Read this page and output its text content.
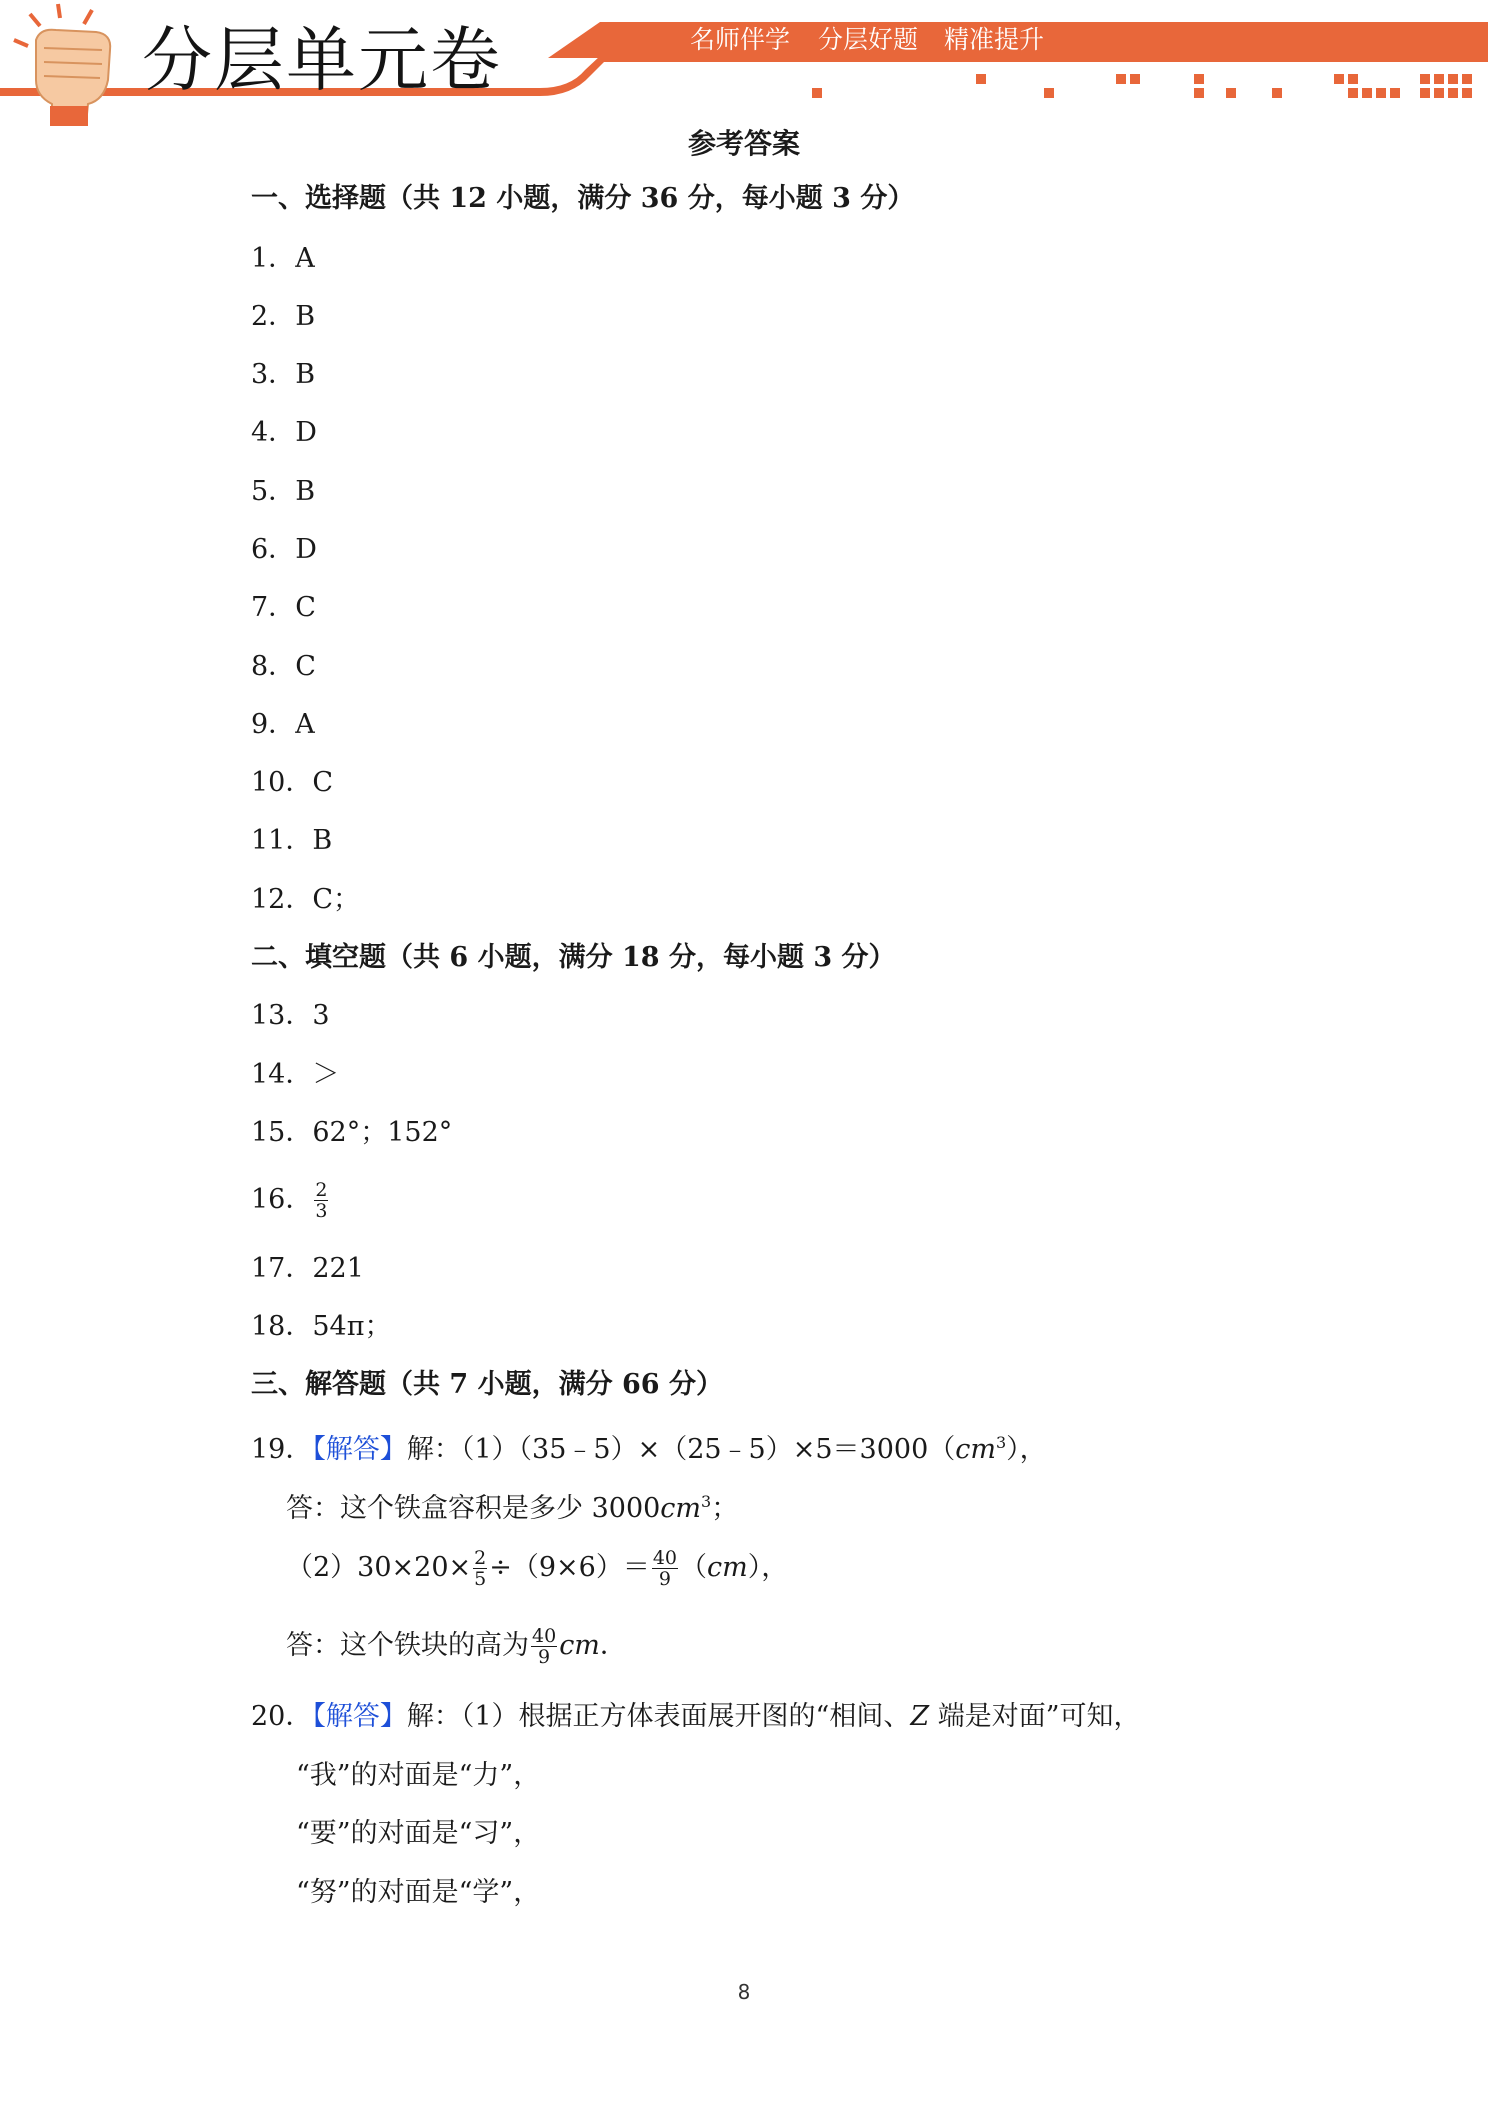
分层单元卷	名师伴学 分层好题 精准提升
参考答案
一、选择题（共 12 小题，满分 36 分，每小题 3 分）
1．A
2．B
3．B
4．D
5．B
6．D
7．C
8．C
9．A
10．C
11．B
12．C；
二、填空题（共 6 小题，满分 18 分，每小题 3 分）
13．3
14．＞
15．62°；152°
16． $\frac{2}{3}$
17．221
18．54π；
三、解答题（共 7 小题，满分 66 分）
19．【解答】解：$(1)(35﹣5)\times(25﹣5)\times 5=3000(cm^3)$，
答：这个铁盒容积是多少 $3000cm^3$；
$(2)30\times 20\times \frac{2}{5} \div(9\times 6)= \frac{40}{9} (cm)$，
答：这个铁块的高为 $\frac{40}{9}$ cm．
20．【解答】解：（1）根据正方体表面展开图的“相间、Z 端是对面”可知，
“我”的对面是“力”，
“要”的对面是“习”，
“努”的对面是“学”，
8
